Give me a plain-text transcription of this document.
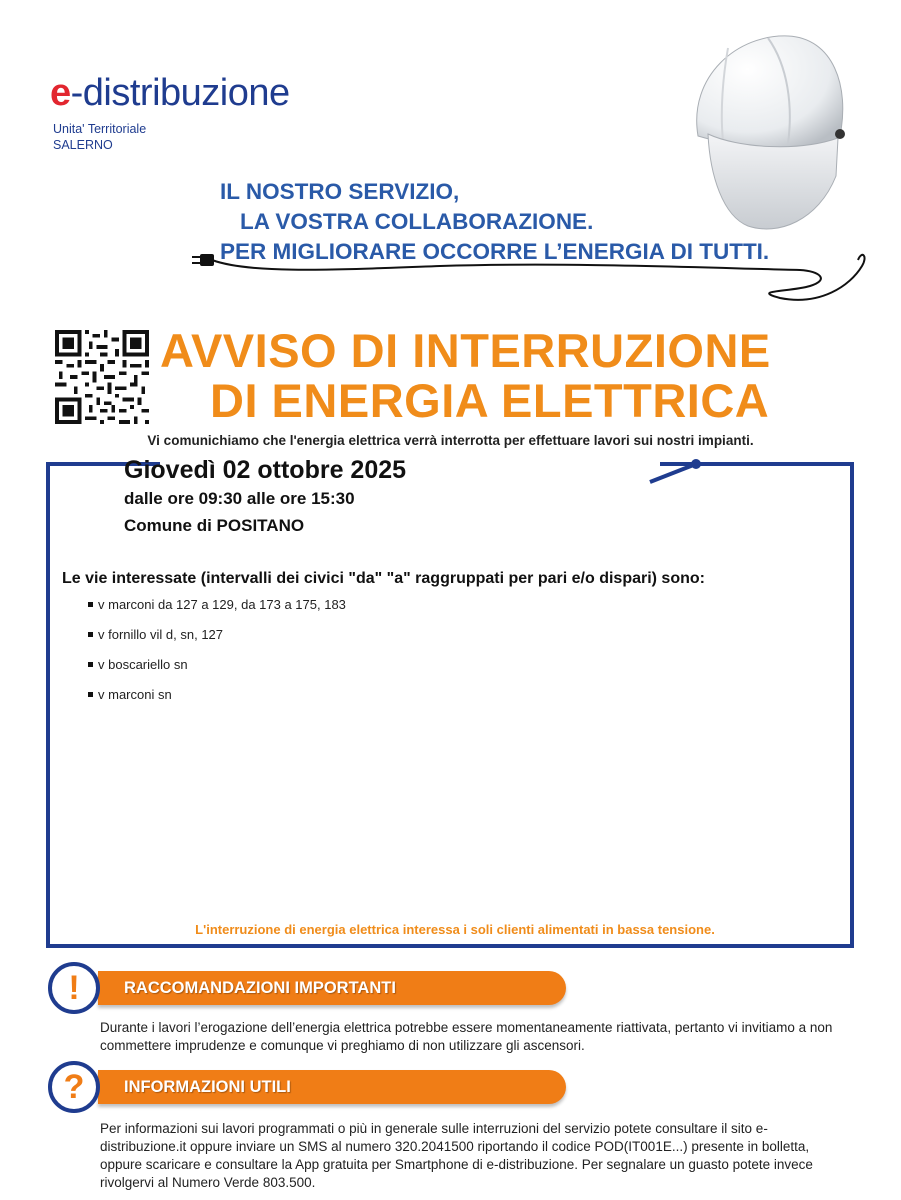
e-distribuzione
Unita' Territoriale
SALERNO
IL NOSTRO SERVIZIO,
LA VOSTRA COLLABORAZIONE.
PER MIGLIORARE OCCORRE L’ENERGIA DI TUTTI.
AVVISO DI INTERRUZIONE
DI ENERGIA ELETTRICA
Vi comunichiamo che l'energia elettrica verrà interrotta per effettuare lavori sui nostri impianti.
Giovedì 02 ottobre 2025
dalle ore 09:30 alle ore 15:30
Comune di POSITANO
Le vie interessate (intervalli dei civici "da" "a" raggruppati per pari e/o dispari) sono:
v marconi da 127 a 129, da 173 a 175, 183
v fornillo vil d, sn, 127
v boscariello sn
v marconi sn
L'interruzione di energia elettrica interessa i soli clienti alimentati in bassa tensione.
RACCOMANDAZIONI IMPORTANTI
!
Durante i lavori l’erogazione dell’energia elettrica potrebbe essere momentaneamente riattivata, pertanto vi invitiamo a non commettere imprudenze e comunque vi preghiamo di non utilizzare gli ascensori.
INFORMAZIONI UTILI
?
Per informazioni sui lavori programmati o più in generale sulle interruzioni del servizio potete consultare il sito e-distribuzione.it oppure inviare un SMS al numero 320.2041500 riportando il codice POD(IT001E...) presente in bolletta, oppure scaricare e consultare la App gratuita per Smartphone di e-distribuzione. Per segnalare un guasto potete invece rivolgervi al Numero Verde 803.500.
